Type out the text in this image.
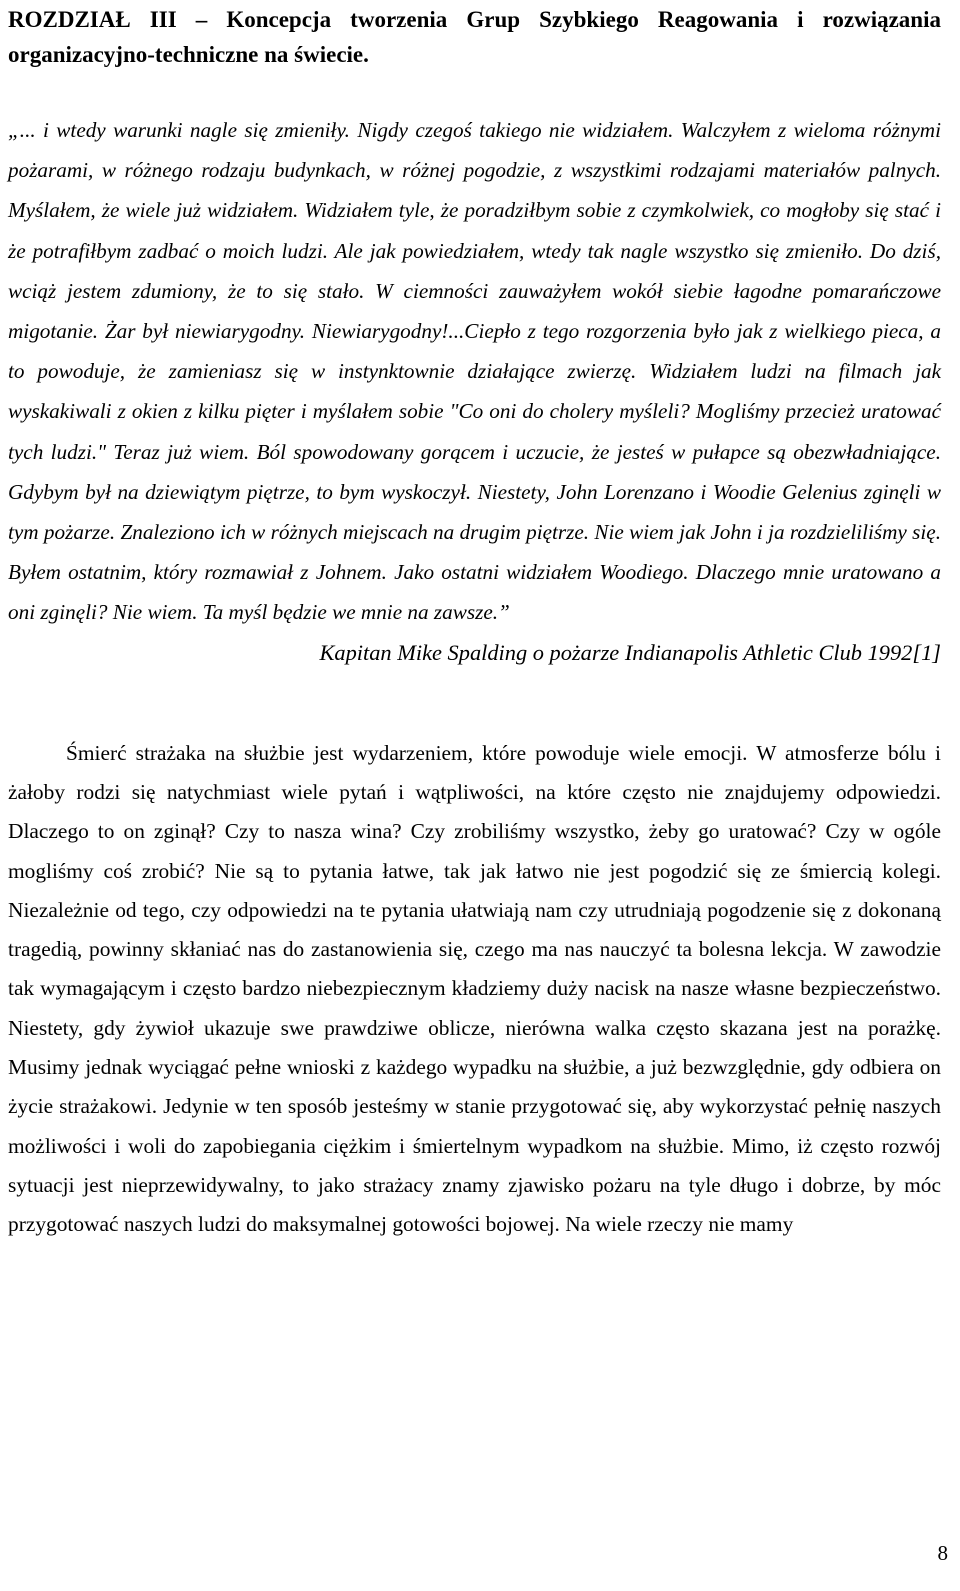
ROZDZIAŁ III – Koncepcja tworzenia Grup Szybkiego Reagowania i rozwiązania organizacyjno-techniczne na świecie.

„... i wtedy warunki nagle się zmieniły. Nigdy czegoś takiego nie widziałem. Walczyłem z wieloma różnymi pożarami, w różnego rodzaju budynkach, w różnej pogodzie, z wszystkimi rodzajami materiałów palnych. Myślałem, że wiele już widziałem. Widziałem tyle, że poradziłbym sobie z czymkolwiek, co mogłoby się stać i że potrafiłbym zadbać o moich ludzi. Ale jak powiedziałem, wtedy tak nagle wszystko się zmieniło. Do dziś, wciąż jestem zdumiony, że to się stało. W ciemności zauważyłem wokół siebie łagodne pomarańczowe migotanie. Żar był niewiarygodny. Niewiarygodny!...Ciepło z tego rozgorzenia było jak z wielkiego pieca, a to powoduje, że zamieniasz się w instynktownie działające zwierzę. Widziałem ludzi na filmach jak wyskakiwali z okien z kilku pięter i myślałem sobie "Co oni do cholery myśleli? Mogliśmy przecież uratować tych ludzi." Teraz już wiem. Ból spowodowany gorącem i uczucie, że jesteś w pułapce są obezwładniające. Gdybym był na dziewiątym piętrze, to bym wyskoczył. Niestety, John Lorenzano i Woodie Gelenius zginęli w tym pożarze. Znaleziono ich w różnych miejscach na drugim piętrze. Nie wiem jak John i ja rozdzieliliśmy się. Byłem ostatnim, który rozmawiał z Johnem. Jako ostatni widziałem Woodiego. Dlaczego mnie uratowano a oni zginęli? Nie wiem. Ta myśl będzie we mnie na zawsze.”

Kapitan Mike Spalding o pożarze Indianapolis Athletic Club 1992[1]

Śmierć strażaka na służbie jest wydarzeniem, które powoduje wiele emocji. W atmosferze bólu i żałoby rodzi się natychmiast wiele pytań i wątpliwości, na które często nie znajdujemy odpowiedzi. Dlaczego to on zginął? Czy to nasza wina? Czy zrobiliśmy wszystko, żeby go uratować? Czy w ogóle mogliśmy coś zrobić? Nie są to pytania łatwe, tak jak łatwo nie jest pogodzić się ze śmiercią kolegi. Niezależnie od tego, czy odpowiedzi na te pytania ułatwiają nam czy utrudniają pogodzenie się z dokonaną tragedią, powinny skłaniać nas do zastanowienia się, czego ma nas nauczyć ta bolesna lekcja. W zawodzie tak wymagającym i często bardzo niebezpiecznym kładziemy duży nacisk na nasze własne bezpieczeństwo. Niestety, gdy żywioł ukazuje swe prawdziwe oblicze, nierówna walka często skazana jest na porażkę. Musimy jednak wyciągać pełne wnioski z każdego wypadku na służbie, a już bezwzględnie, gdy odbiera on życie strażakowi. Jedynie w ten sposób jesteśmy w stanie przygotować się, aby wykorzystać pełnię naszych możliwości i woli do zapobiegania ciężkim i śmiertelnym wypadkom na służbie. Mimo, iż często rozwój sytuacji jest nieprzewidywalny, to jako strażacy znamy zjawisko pożaru na tyle długo i dobrze, by móc przygotować naszych ludzi do maksymalnej gotowości bojowej. Na wiele rzeczy nie mamy

8
